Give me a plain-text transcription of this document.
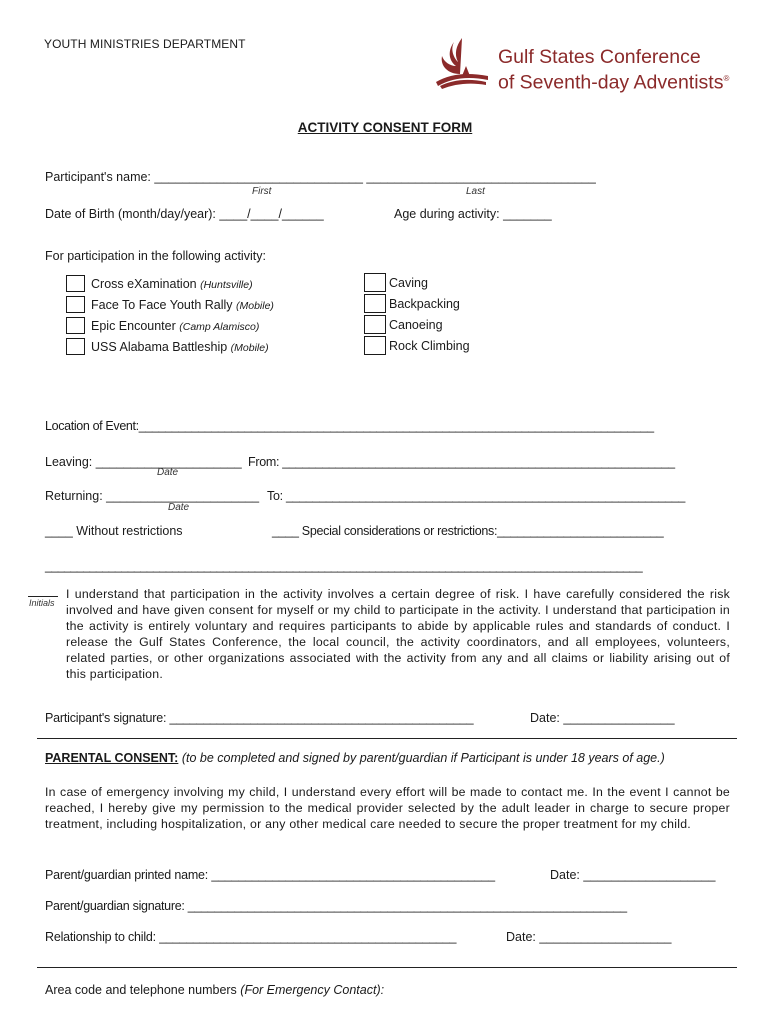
YOUTH MINISTRIES DEPARTMENT
Gulf States Conference
of Seventh-day Adventists®
ACTIVITY CONSENT FORM
Participant's name: ______________________________ _________________________________
First	Last
Date of Birth (month/day/year): ____/____/______	Age during activity: _______
For participation in the following activity:
Cross eXamination (Huntsville)
Face To Face Youth Rally (Mobile)
Epic Encounter (Camp Alamisco)
USS Alabama Battleship (Mobile)
Caving
Backpacking
Canoeing
Rock Climbing
Location of Event:______________________________________________________________________________
Leaving: _____________________ From: ___________________________________________________________
Date
Returning: ______________________ To: ____________________________________________________________
Date
____ Without restrictions	____ Special considerations or restrictions:_________________________
______________________________________________________________________________________________
Initials
I understand that participation in the activity involves a certain degree of risk. I have carefully considered the risk involved and have given consent for myself or my child to participate in the activity. I understand that participation in the activity is entirely voluntary and requires participants to abide by applicable rules and standards of conduct. I release the Gulf States Conference, the local council, the activity coordinators, and all employees, volunteers, related parties, or other organizations associated with the activity from any and all claims or liability arising out of this participation.
Participant's signature: _____________________________________________	Date: ________________
PARENTAL CONSENT: (to be completed and signed by parent/guardian if Participant is under 18 years of age.)
In case of emergency involving my child, I understand every effort will be made to contact me. In the event I cannot be reached, I hereby give my permission to the medical provider selected by the adult leader in charge to secure proper treatment, including hospitalization, or any other medical care needed to secure the proper treatment for my child.
Parent/guardian printed name: __________________________________________	Date: ___________________
Parent/guardian signature: __________________________________________________________________
Relationship to child: ____________________________________________	Date: ___________________
Area code and telephone numbers (For Emergency Contact):
